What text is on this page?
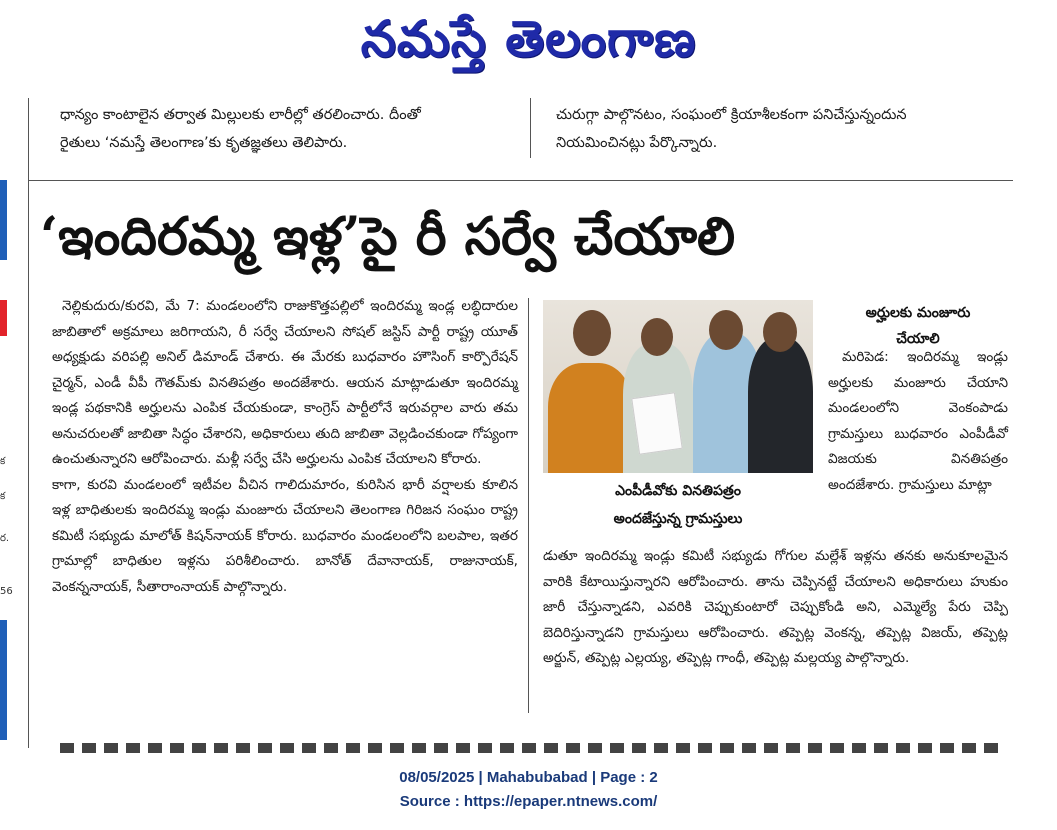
నమస్తే తెలంగాణ
క
క
ర.
56
ధాన్యం కాంటాలైన తర్వాత మిల్లులకు లారీల్లో తరలించారు. దీంతో
రైతులు ‘నమస్తే తెలంగాణ’కు కృతజ్ఞతలు తెలిపారు.
చురుగ్గా పాల్గొనటం, సంఘంలో క్రియాశీలకంగా పనిచేస్తున్నందున
నియమించినట్లు పేర్కొన్నారు.
‘ఇందిరమ్మ ఇళ్ల’పై రీ సర్వే చేయాలి

నెల్లికుదురు/కురవి, మే 7: మండలంలోని రాజుకొత్తపల్లిలో ఇందిరమ్మ ఇండ్ల లబ్ధిదారుల జాబితాలో అక్రమాలు జరిగాయని, రీ సర్వే చేయాలని సోషల్ జస్టిస్ పార్టీ రాష్ట్ర యూత్ అధ్యక్షుడు వరిపల్లి అనిల్ డిమాండ్ చేశారు. ఈ మేరకు బుధవారం హౌసింగ్ కార్పొరేషన్ చైర్మన్, ఎండీ వీపీ గౌతమ్‌కు వినతిపత్రం అందజేశారు. ఆయన మాట్లాడుతూ ఇందిరమ్మ ఇండ్ల పథకానికి అర్హులను ఎంపిక చేయకుండా, కాంగ్రెస్ పార్టీలోనే ఇరువర్గాల వారు తమ అనుచరులతో జాబితా సిద్ధం చేశారని, అధికారులు తుది జాబితా వెల్లడించకుండా గోప్యంగా ఉంచుతున్నారని ఆరోపించారు. మళ్లీ సర్వే చేసి అర్హులను ఎంపిక చేయాలని కోరారు.

కాగా, కురవి మండలంలో ఇటీవల వీచిన గాలిదుమారం, కురిసిన భారీ వర్షాలకు కూలిన ఇళ్ల బాధితులకు ఇందిరమ్మ ఇండ్లు మంజూరు చేయాలని తెలంగాణ గిరిజన సంఘం రాష్ట్ర కమిటీ సభ్యుడు మాలోత్ కిషన్‌నాయక్ కోరారు. బుధవారం మండలంలోని బలపాల, ఇతర గ్రామాల్లో బాధితుల ఇళ్లను పరిశీలించారు. బానోత్ దేవానాయక్, రాజునాయక్, వెంకన్ననాయక్, సీతారాంనాయక్ పాల్గొన్నారు.

ఎంపీడీవోకు వినతిపత్రం
అందజేస్తున్న గ్రామస్తులు
అర్హులకు మంజూరు
చేయాలి

మరిపెడ: ఇందిరమ్మ ఇండ్లు అర్హులకు మంజూరు చేయాని మండలంలోని వెంకంపాడు గ్రామస్తులు బుధవారం ఎంపీడీవో విజయకు వినతిపత్రం అందజేశారు. గ్రామస్తులు మాట్లా

డుతూ ఇందిరమ్మ ఇండ్లు కమిటీ సభ్యుడు గోగుల మల్లేశ్ ఇళ్లను తనకు అనుకూలమైన వారికి కేటాయిస్తున్నారని ఆరోపించారు. తాను చెప్పినట్టే చేయాలని అధికారులు హుకుం జారీ చేస్తున్నాడని, ఎవరికి చెప్పుకుంటారో చెప్పుకోండి అని, ఎమ్మెల్యే పేరు చెప్పి బెదిరిస్తున్నాడని గ్రామస్తులు ఆరోపించారు. తప్పెట్ల వెంకన్న, తప్పెట్ల విజయ్, తప్పెట్ల అర్జున్, తప్పెట్ల ఎల్లయ్య, తప్పెట్ల గాంధీ, తప్పెట్ల మల్లయ్య పాల్గొన్నారు.

08/05/2025 | Mahabubabad | Page : 2
Source : https://epaper.ntnews.com/
